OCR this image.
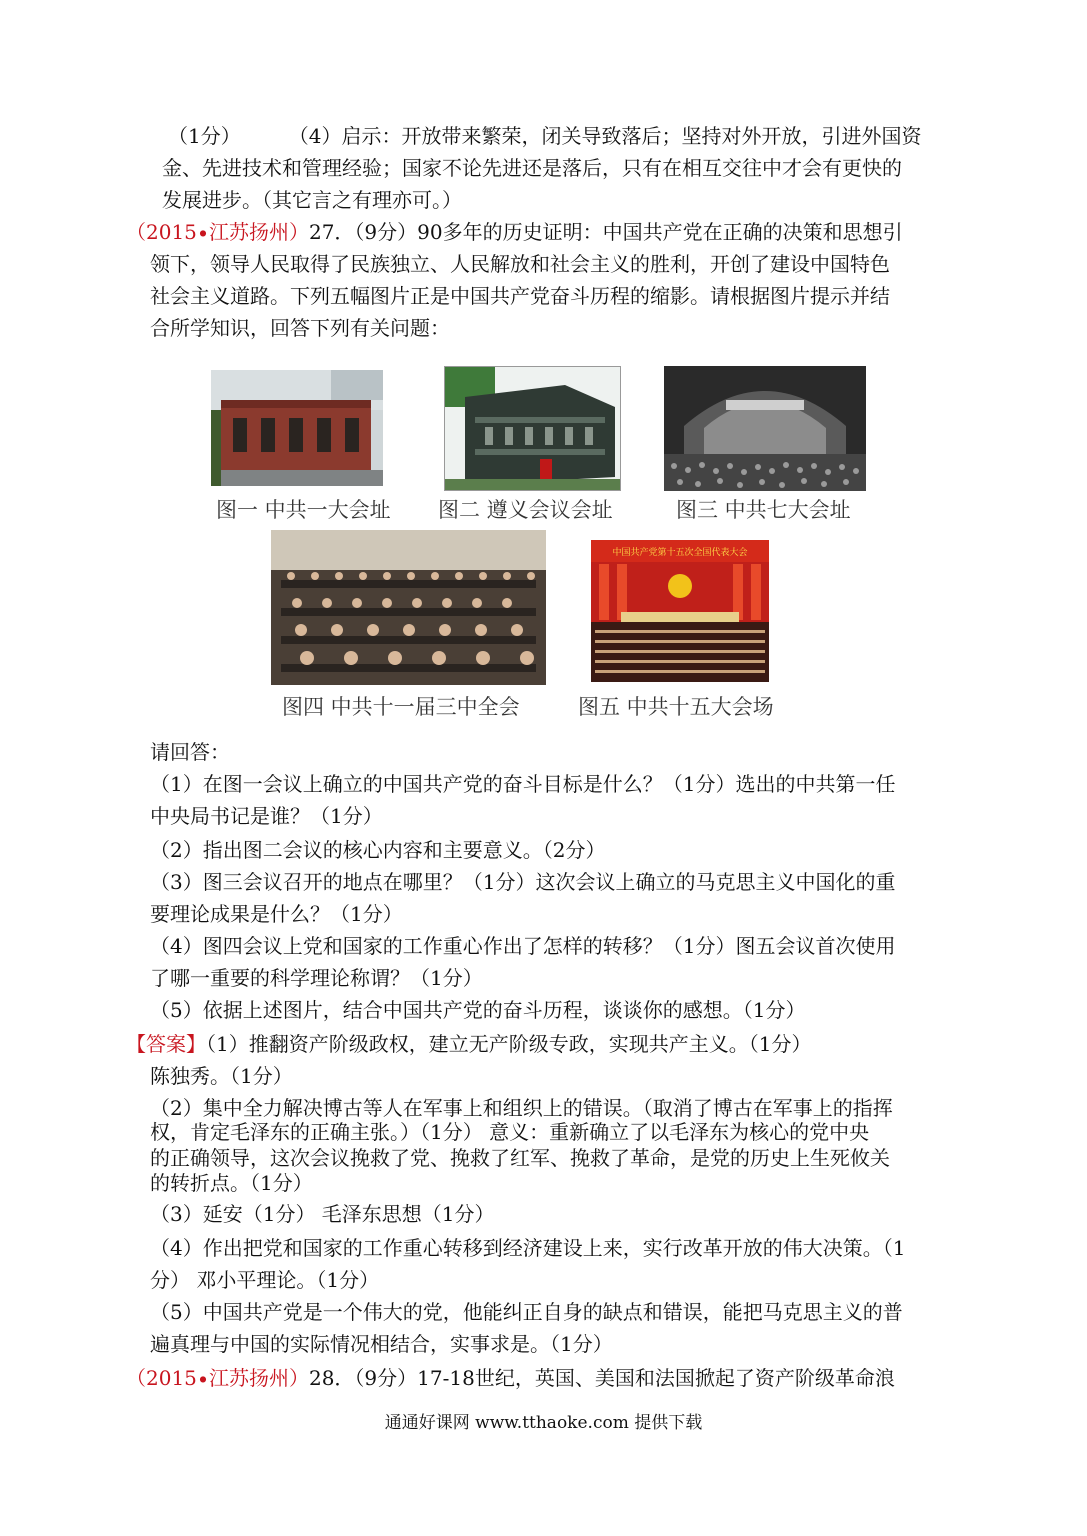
（1分） （4）启示：开放带来繁荣，闭关导致落后；坚持对外开放，引进外国资
金、先进技术和管理经验；国家不论先进还是落后，只有在相互交往中才会有更快的
发展进步。（其它言之有理亦可。）
（2015 ● 江苏扬州）27．（9分）90多年的历史证明：中国共产党在正确的决策和思想引
领下，领导人民取得了民族独立、人民解放和社会主义的胜利，开创了建设中国特色
社会主义道路。下列五幅图片正是中国共产党奋斗历程的缩影。请根据图片提示并结
合所学知识，回答下列有关问题：
图一 中共一大会址 图二 遵义会议会址	图三 中共七大会址
图四 中共十一届三中全会
中国共产党第十五次全国代表大会
图五 中共十五大会场
请回答：
（1）在图一会议上确立的中国共产党的奋斗目标是什么？（1分）选出的中共第一任
中央局书记是谁？（1分）
（2）指出图二会议的核心内容和主要意义。（2分）
（3）图三会议召开的地点在哪里？（1分）这次会议上确立的马克思主义中国化的重
要理论成果是什么？（1分）
（4）图四会议上党和国家的工作重心作出了怎样的转移？（1分）图五会议首次使用
了哪一重要的科学理论称谓？（1分）
（5）依据上述图片，结合中国共产党的奋斗历程，谈谈你的感想。（1分）
【答案】（1）推翻资产阶级政权，建立无产阶级专政，实现共产主义。（1分）
陈独秀。（1分）
（2）集中全力解决博古等人在军事上和组织上的错误。（取消了博古在军事上的指挥
权，肯定毛泽东的正确主张。）（1分） 意义：重新确立了以毛泽东为核心的党中央
的正确领导，这次会议挽救了党、挽救了红军、挽救了革命，是党的历史上生死攸关
的转折点。（1分）
（3）延安（1分） 毛泽东思想（1分）
（4）作出把党和国家的工作重心转移到经济建设上来，实行改革开放的伟大决策。（1
分） 邓小平理论。（1分）
（5）中国共产党是一个伟大的党，他能纠正自身的缺点和错误，能把马克思主义的普
遍真理与中国的实际情况相结合，实事求是。（1分）
（2015 ● 江苏扬州）28．（9分）17-18世纪，英国、美国和法国掀起了资产阶级革命浪
通通好课网 www.tthaoke.com 提供下载
